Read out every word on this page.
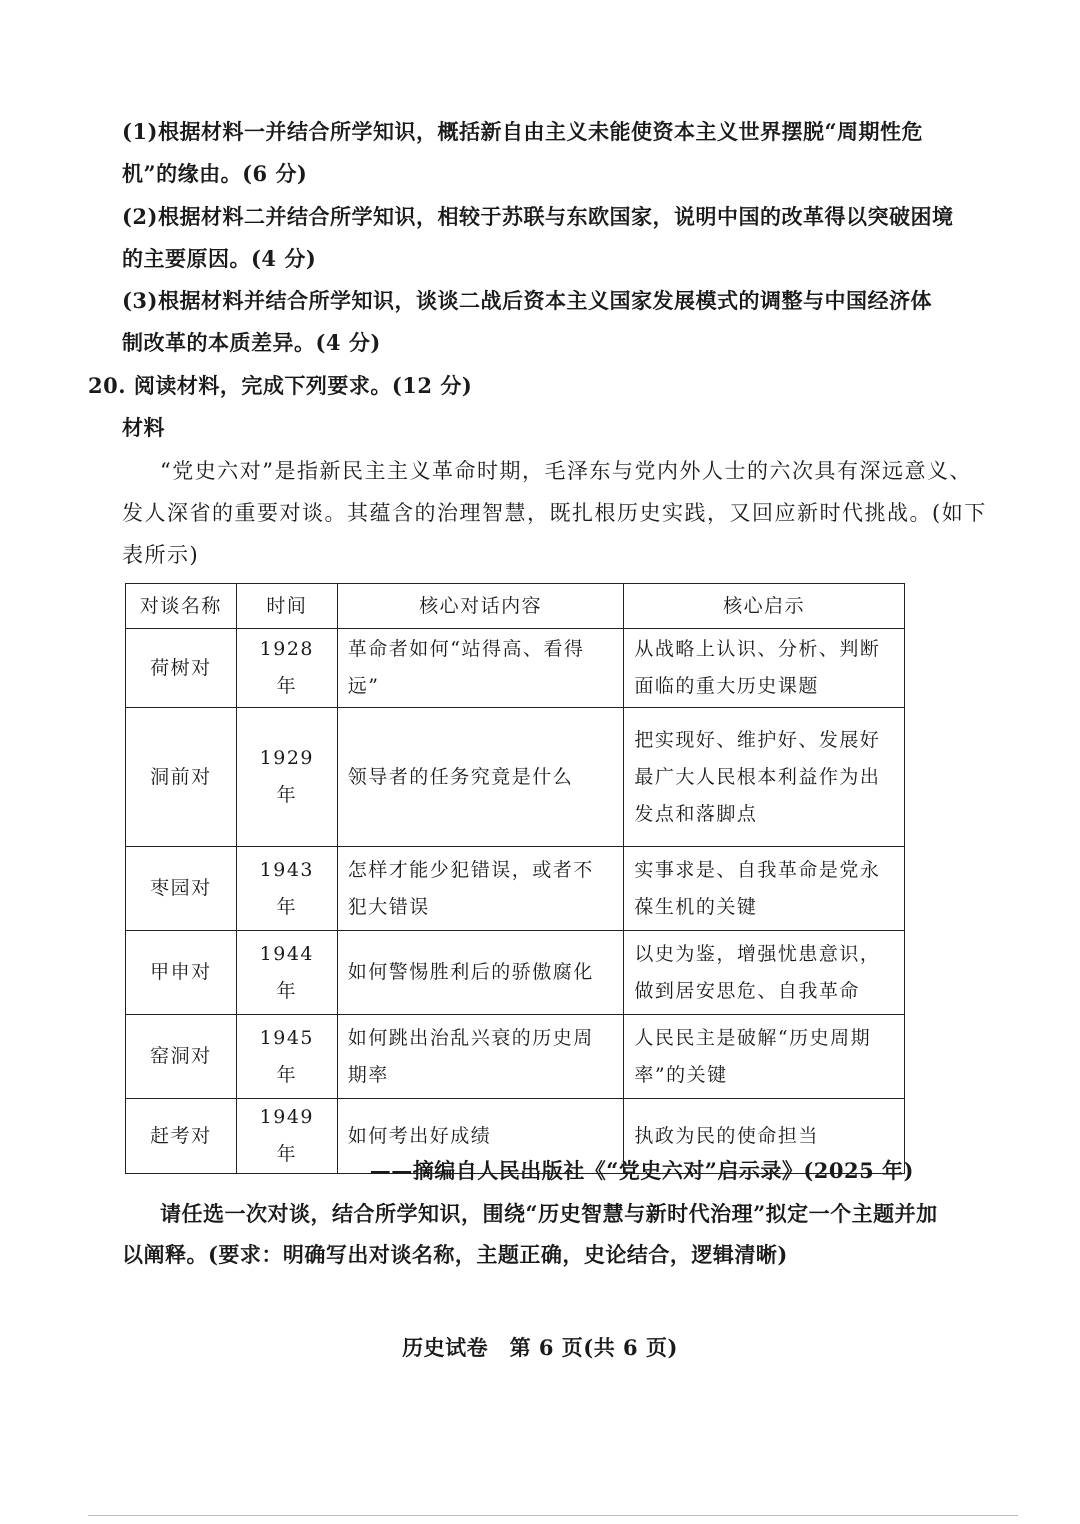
(1)根据材料一并结合所学知识，概括新自由主义未能使资本主义世界摆脱“周期性危
机”的缘由。(6 分)
(2)根据材料二并结合所学知识，相较于苏联与东欧国家，说明中国的改革得以突破困境
的主要原因。(4 分)
(3)根据材料并结合所学知识，谈谈二战后资本主义国家发展模式的调整与中国经济体
制改革的本质差异。(4 分)
20. 阅读材料，完成下列要求。(12 分)
材料
“党史六对”是指新民主主义革命时期，毛泽东与党内外人士的六次具有深远意义、
发人深省的重要对谈。其蕴含的治理智慧，既扎根历史实践，又回应新时代挑战。(如下
表所示)
对谈名称	时间	核心对话内容	核心启示
荷树对	1928 年	革命者如何“站得高、看得远”	从战略上认识、分析、判断面临的重大历史课题
洞前对	1929 年	领导者的任务究竟是什么	把实现好、维护好、发展好最广大人民根本利益作为出发点和落脚点
枣园对	1943 年	怎样才能少犯错误，或者不犯大错误	实事求是、自我革命是党永葆生机的关键
甲申对	1944 年	如何警惕胜利后的骄傲腐化	以史为鉴，增强忧患意识，做到居安思危、自我革命
窑洞对	1945 年	如何跳出治乱兴衰的历史周期率	人民民主是破解“历史周期率”的关键
赶考对	1949 年	如何考出好成绩	执政为民的使命担当
——摘编自人民出版社《“党史六对”启示录》(2025 年)
请任选一次对谈，结合所学知识，围绕“历史智慧与新时代治理”拟定一个主题并加
以阐释。(要求：明确写出对谈名称，主题正确，史论结合，逻辑清晰)
历史试卷　第 6 页(共 6 页)
